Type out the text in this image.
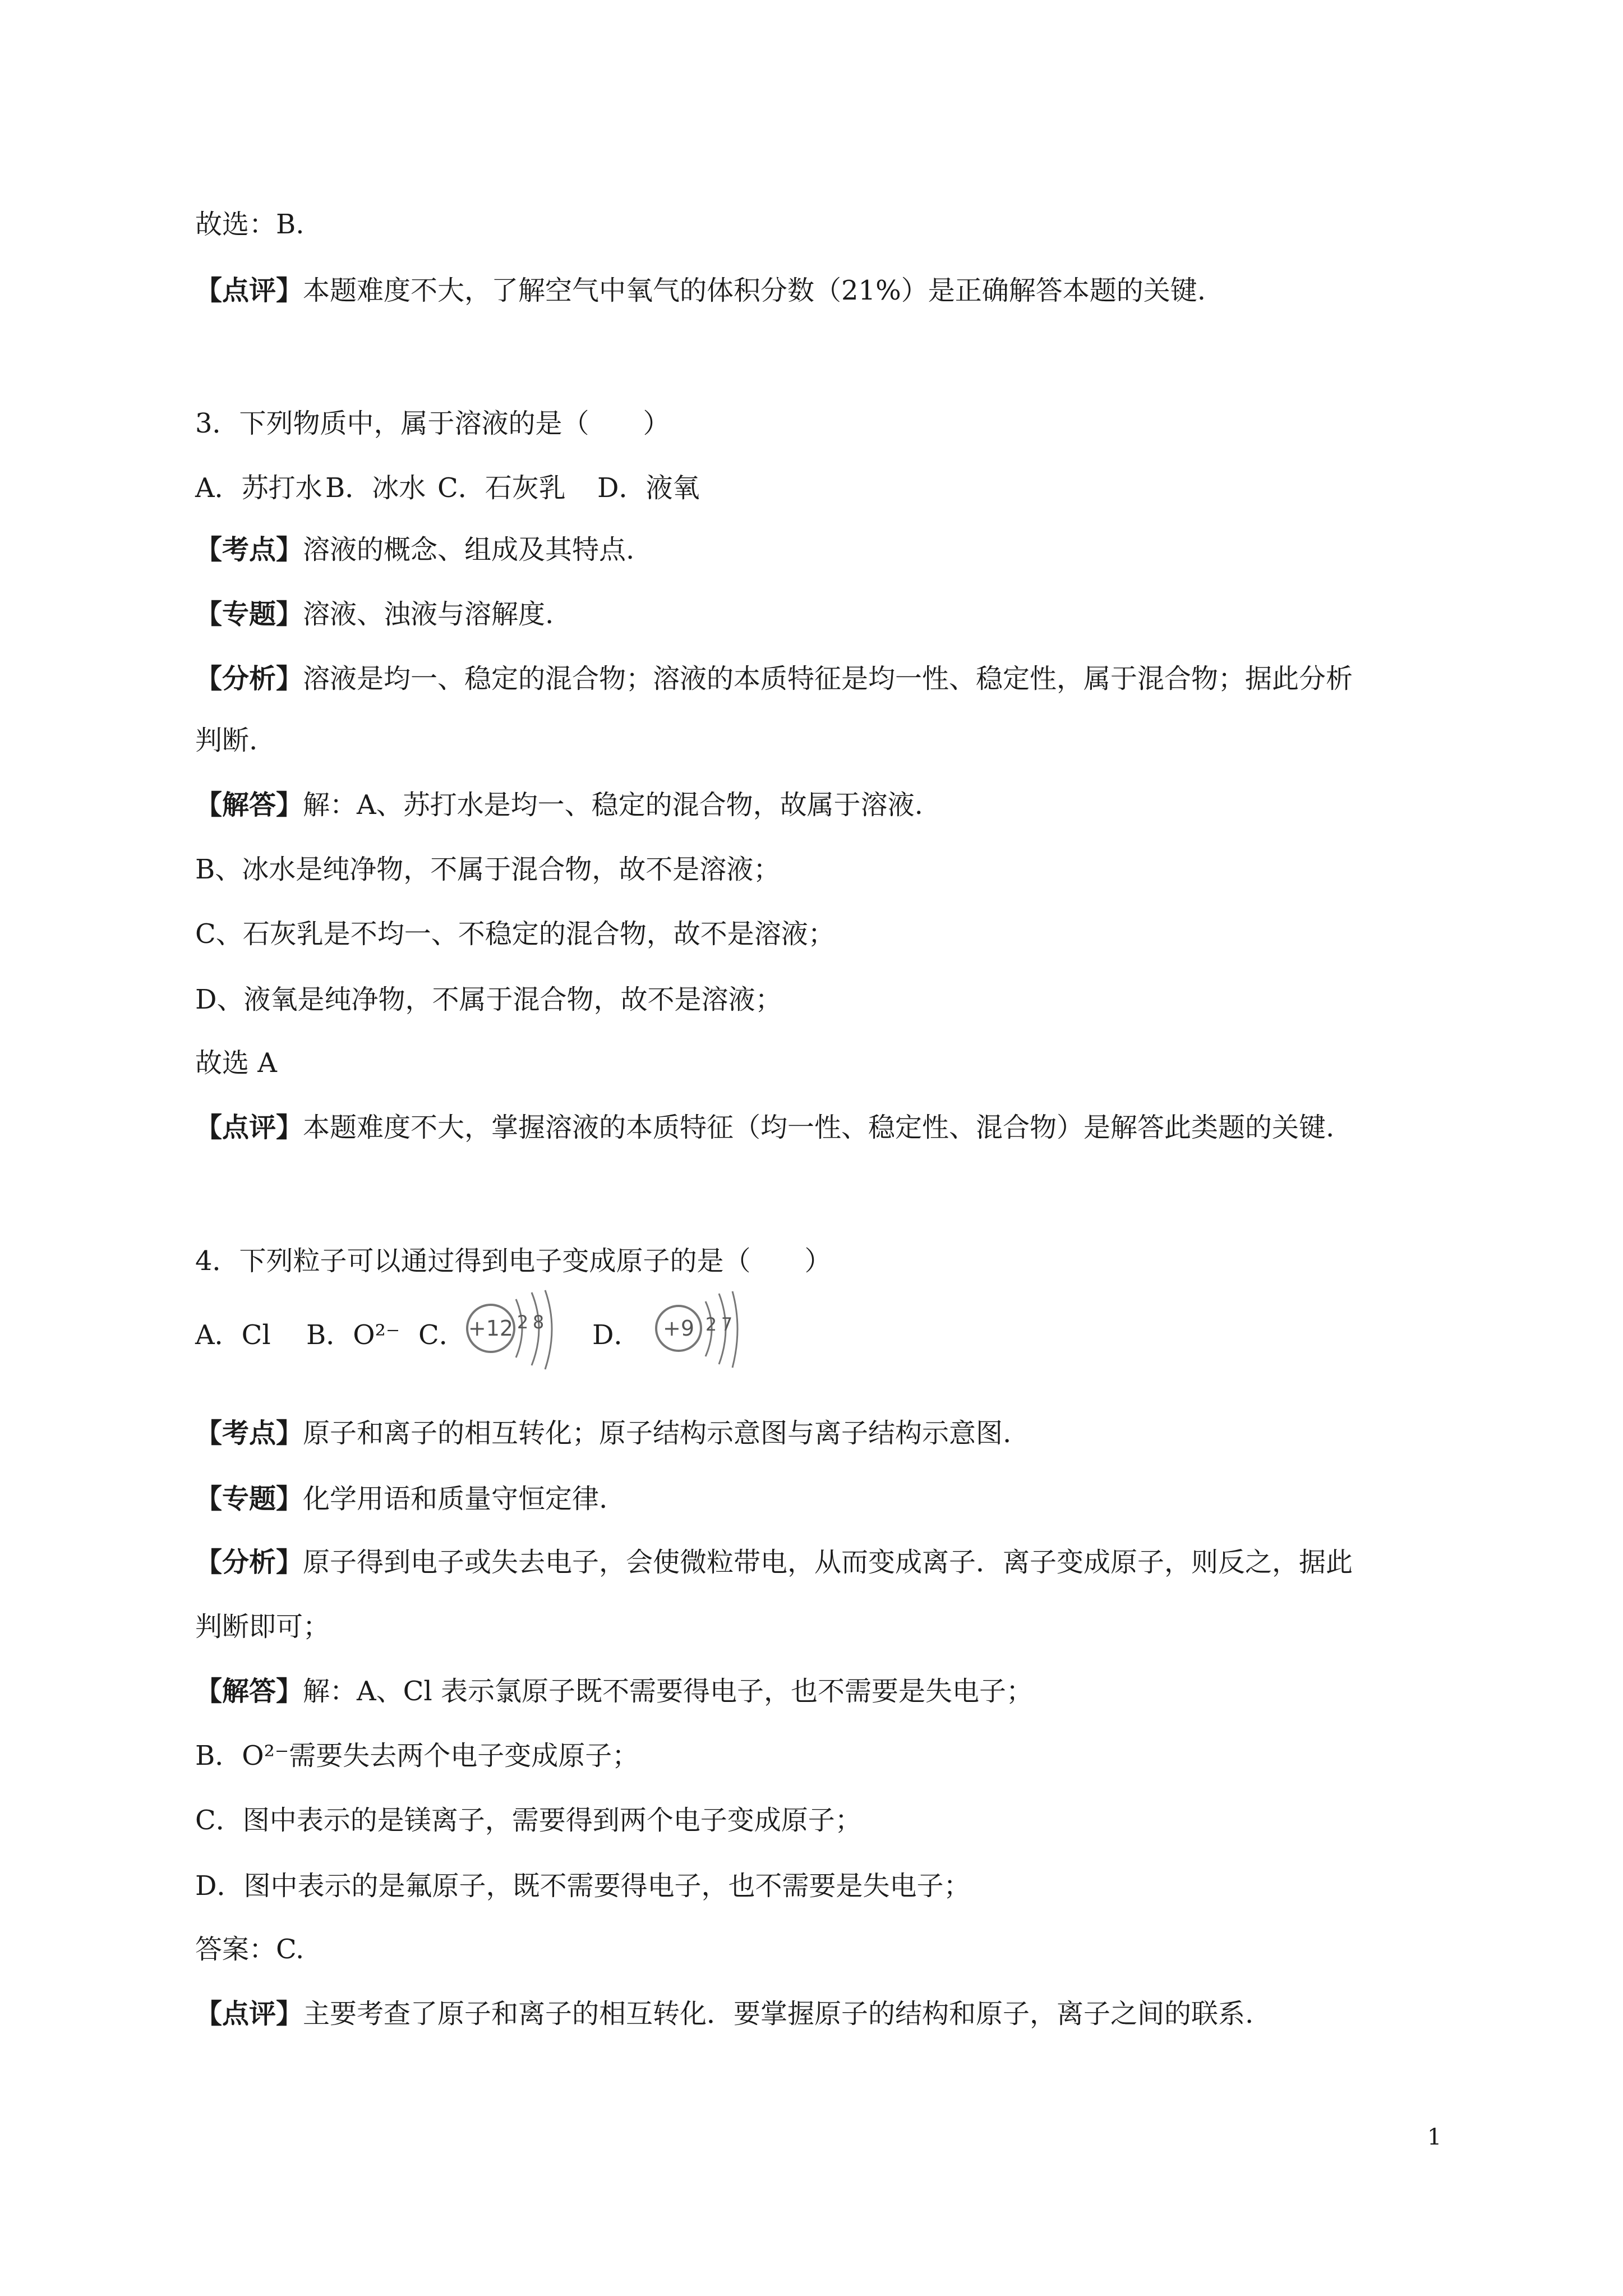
故选：B.
【点评】本题难度不大，了解空气中氧气的体积分数（21%）是正确解答本题的关键.
3．下列物质中，属于溶液的是（　　）
A．苏打水 B．冰水 C．石灰乳 D．液氧
【考点】溶液的概念、组成及其特点.
【专题】溶液、浊液与溶解度.
【分析】溶液是均一、稳定的混合物；溶液的本质特征是均一性、稳定性，属于混合物；据此分析
判断.
【解答】解：A、苏打水是均一、稳定的混合物，故属于溶液.
B、冰水是纯净物，不属于混合物，故不是溶液；
C、石灰乳是不均一、不稳定的混合物，故不是溶液；
D、液氧是纯净物，不属于混合物，故不是溶液；
故选 A
【点评】本题难度不大，掌握溶液的本质特征（均一性、稳定性、混合物）是解答此类题的关键.
4．下列粒子可以通过得到电子变成原子的是（　　）
A．Cl B．O²⁻ C．	D．
+12 2 8	+9 2 7
【考点】原子和离子的相互转化；原子结构示意图与离子结构示意图.
【专题】化学用语和质量守恒定律.
【分析】原子得到电子或失去电子，会使微粒带电，从而变成离子．离子变成原子，则反之，据此
判断即可；
【解答】解：A、Cl 表示氯原子既不需要得电子，也不需要是失电子；
B．O²⁻需要失去两个电子变成原子；
C．图中表示的是镁离子，需要得到两个电子变成原子；
D．图中表示的是氟原子，既不需要得电子，也不需要是失电子；
答案：C.
【点评】主要考查了原子和离子的相互转化．要掌握原子的结构和原子，离子之间的联系.
1
